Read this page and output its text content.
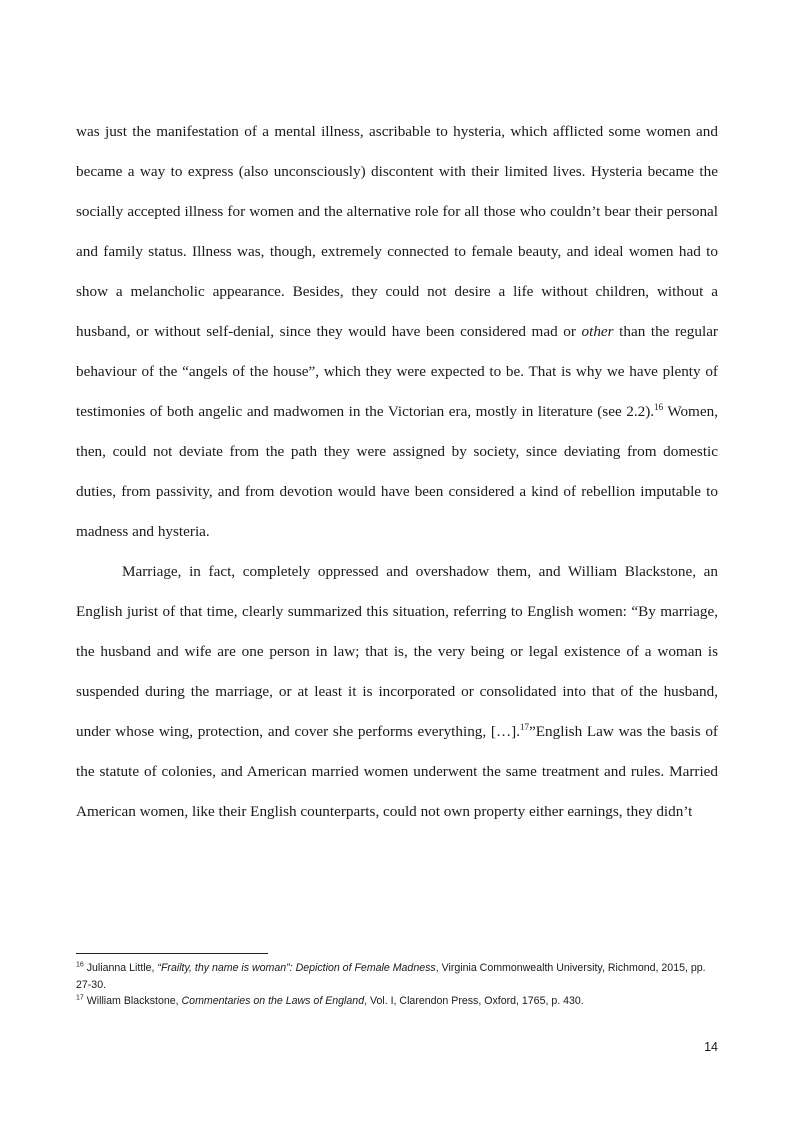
was just the manifestation of a mental illness, ascribable to hysteria, which afflicted some women and became a way to express (also unconsciously) discontent with their limited lives. Hysteria became the socially accepted illness for women and the alternative role for all those who couldn’t bear their personal and family status. Illness was, though, extremely connected to female beauty, and ideal women had to show a melancholic appearance. Besides, they could not desire a life without children, without a husband, or without self-denial, since they would have been considered mad or other than the regular behaviour of the “angels of the house”, which they were expected to be. That is why we have plenty of testimonies of both angelic and madwomen in the Victorian era, mostly in literature (see 2.2).$^{16}$ Women, then, could not deviate from the path they were assigned by society, since deviating from domestic duties, from passivity, and from devotion would have been considered a kind of rebellion imputable to madness and hysteria.

Marriage, in fact, completely oppressed and overshadow them, and William Blackstone, an English jurist of that time, clearly summarized this situation, referring to English women: “By marriage, the husband and wife are one person in law; that is, the very being or legal existence of a woman is suspended during the marriage, or at least it is incorporated or consolidated into that of the husband, under whose wing, protection, and cover she performs everything, […].$^{17}$”English Law was the basis of the statute of colonies, and American married women underwent the same treatment and rules. Married American women, like their English counterparts, could not own property either earnings, they didn’t

$^{16}$ Julianna Little, “Frailty, thy name is woman”: Depiction of Female Madness, Virginia Commonwealth University, Richmond, 2015, pp. 27-30.

$^{17}$ William Blackstone, Commentaries on the Laws of England, Vol. I, Clarendon Press, Oxford, 1765, p. 430.

14
